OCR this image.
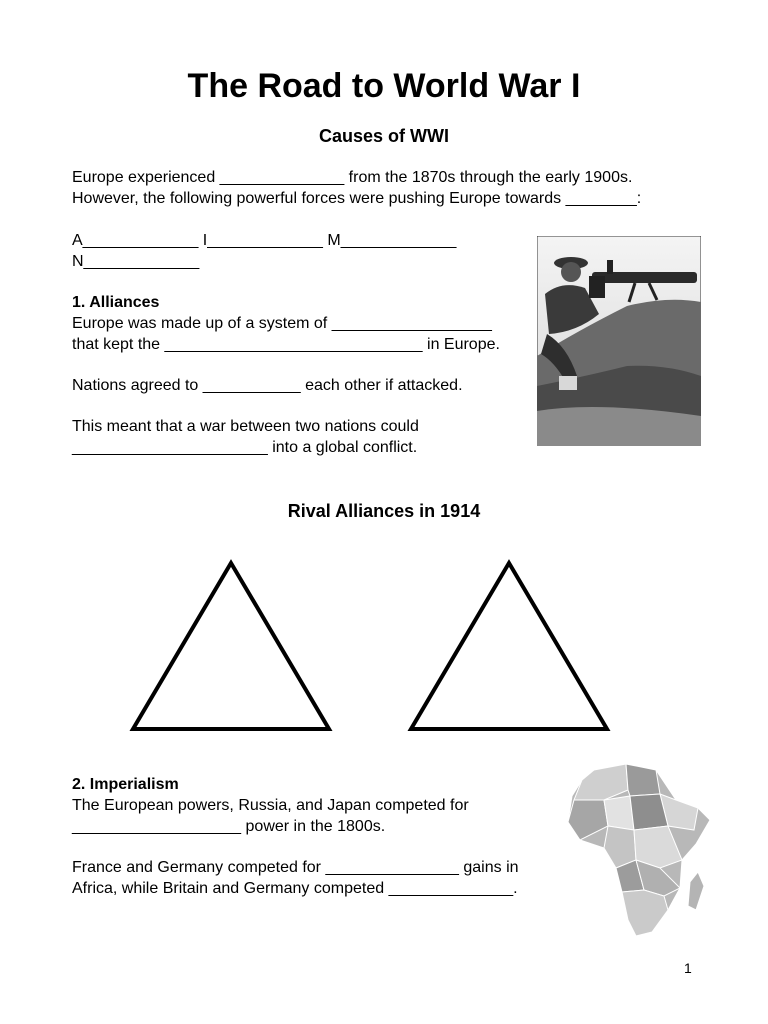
The Road to World War I
Causes of WWI
Europe experienced ______________ from the 1870s through the early 1900s.
However, the following powerful forces were pushing Europe towards ________:
A_____________ I_____________ M_____________
N_____________
1. Alliances
Europe was made up of a system of __________________
that kept the _____________________________ in Europe.
Nations agreed to ___________ each other if attacked.
This meant that a war between two nations could
______________________ into a global conflict.
Rival Alliances in 1914
2. Imperialism
The European powers, Russia, and Japan competed for
___________________ power in the 1800s.
France and Germany competed for _______________ gains in
Africa, while Britain and Germany competed ______________.
1
